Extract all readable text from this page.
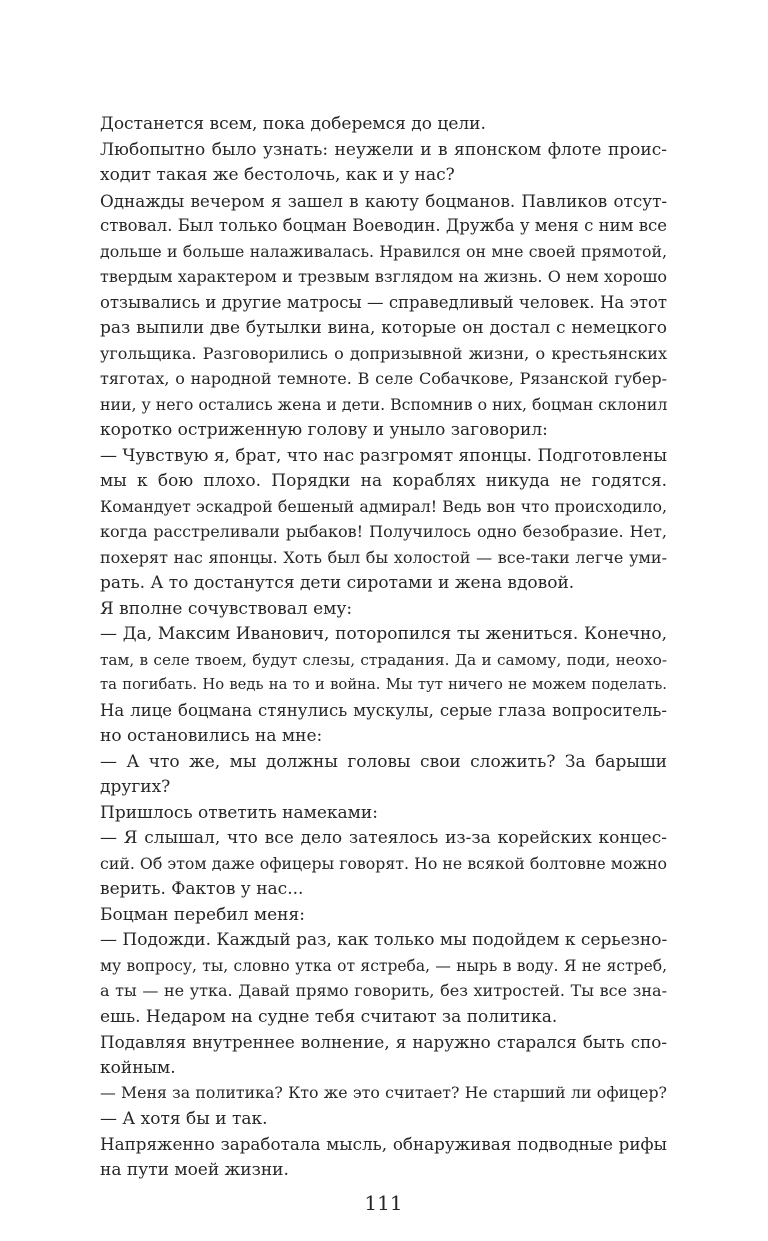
Достанется всем, пока доберемся до цели.
Любопытно было узнать: неужели и в японском флоте проис-
ходит такая же бестолочь, как и у нас?
Однажды вечером я зашел в каюту боцманов. Павликов отсут-
ствовал. Был только боцман Воеводин. Дружба у меня с ним все
дольше и больше налаживалась. Нравился он мне своей прямотой,
твердым характером и трезвым взглядом на жизнь. О нем хорошо
отзывались и другие матросы — справедливый человек. На этот
раз выпили две бутылки вина, которые он достал с немецкого
угольщика. Разговорились о допризывной жизни, о крестьянских
тяготах, о народной темноте. В селе Собачкове, Рязанской губер-
нии, у него остались жена и дети. Вспомнив о них, боцман склонил
коротко остриженную голову и уныло заговорил:
— Чувствую я, брат, что нас разгромят японцы. Подготовлены
мы к бою плохо. Порядки на кораблях никуда не годятся.
Командует эскадрой бешеный адмирал! Ведь вон что происходило,
когда расстреливали рыбаков! Получилось одно безобразие. Нет,
похерят нас японцы. Хоть был бы холостой — все-таки легче уми-
рать. А то достанутся дети сиротами и жена вдовой.
Я вполне сочувствовал ему:
— Да, Максим Иванович, поторопился ты жениться. Конечно,
там, в селе твоем, будут слезы, страдания. Да и самому, поди, неохо-
та погибать. Но ведь на то и война. Мы тут ничего не можем поделать.
На лице боцмана стянулись мускулы, серые глаза вопроситель-
но остановились на мне:
— А что же, мы должны головы свои сложить? За барыши
других?
Пришлось ответить намеками:
— Я слышал, что все дело затеялось из-за корейских концес-
сий. Об этом даже офицеры говорят. Но не всякой болтовне можно
верить. Фактов у нас...
Боцман перебил меня:
— Подожди. Каждый раз, как только мы подойдем к серьезно-
му вопросу, ты, словно утка от ястреба, — нырь в воду. Я не ястреб,
а ты — не утка. Давай прямо говорить, без хитростей. Ты все зна-
ешь. Недаром на судне тебя считают за политика.
Подавляя внутреннее волнение, я наружно старался быть спо-
койным.
— Меня за политика? Кто же это считает? Не старший ли офицер?
— А хотя бы и так.
Напряженно заработала мысль, обнаруживая подводные рифы
на пути моей жизни.
111
